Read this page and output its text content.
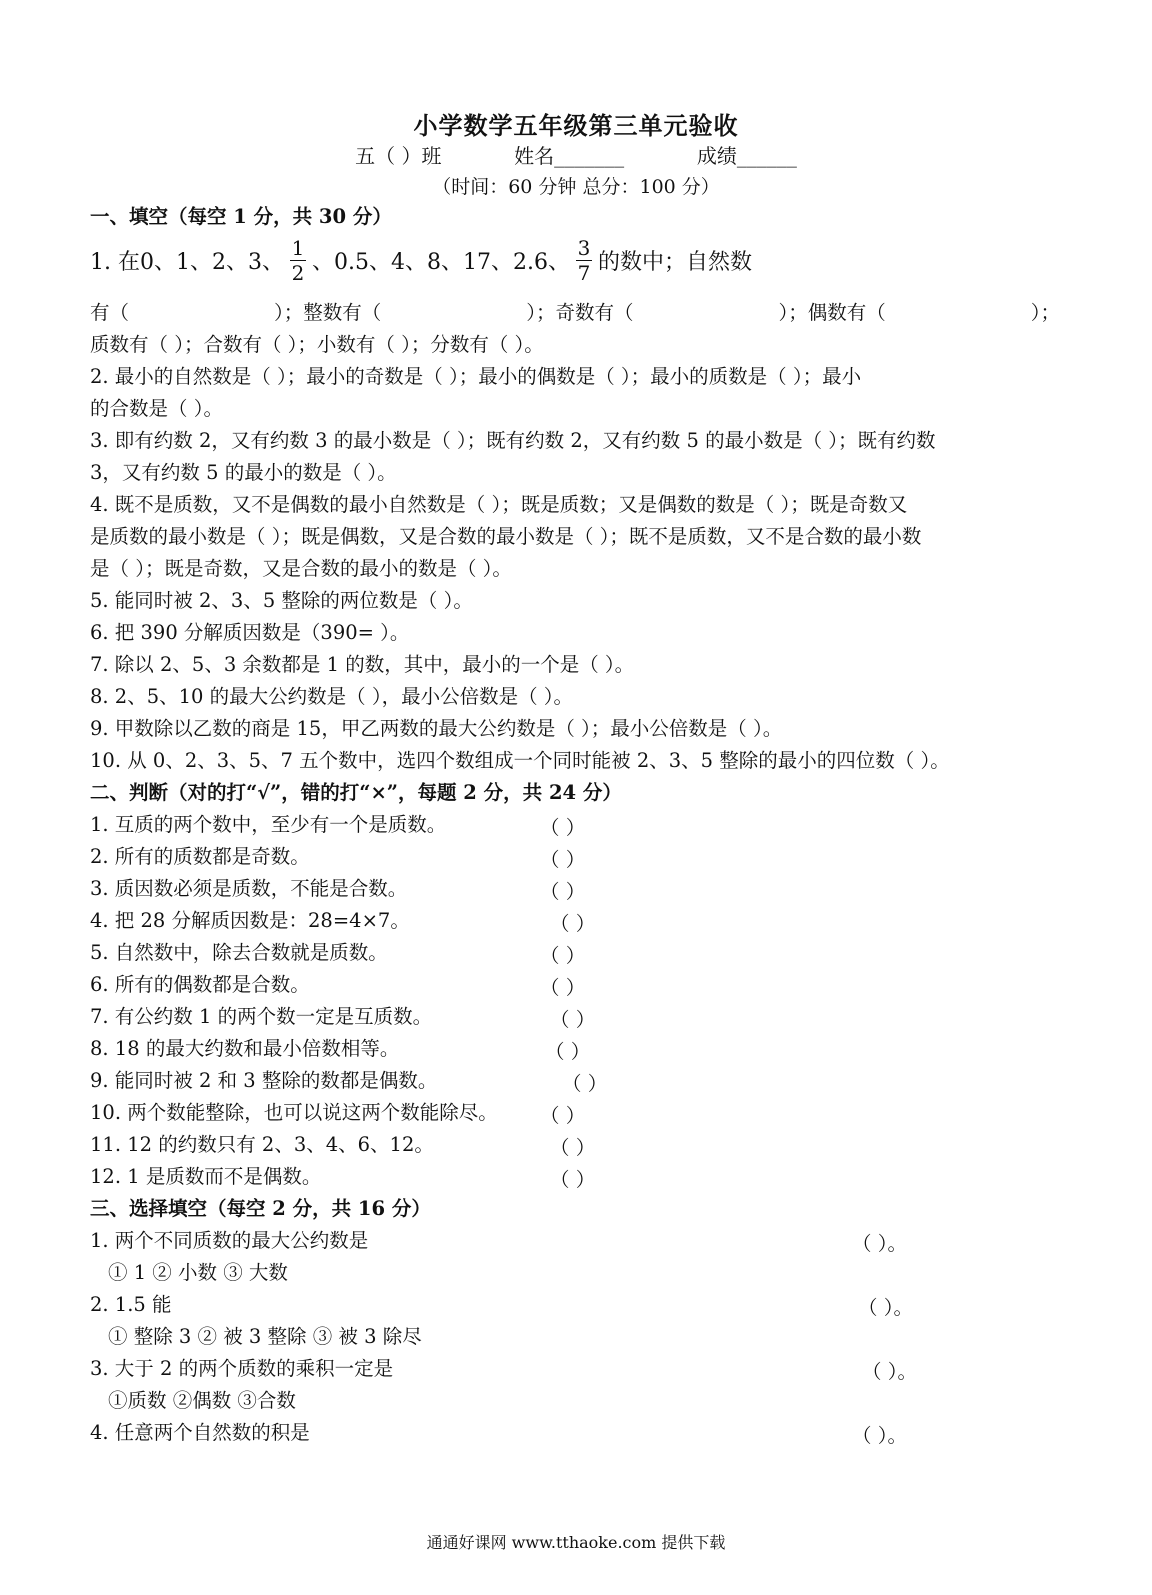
小学数学五年级第三单元验收
五（ ）班	姓名_______	成绩______
（时间：60 分钟 总分：100 分）
一、填空（每空 1 分，共 30 分）
1. 在0、1、2、3、 $\frac{1}{2}$ 、0.5、4、8、17、2.6、 $\frac{3}{7}$ 的数中；自然数
有（	）；整数有（	）；奇数有（	）；偶数有（	）；
质数有（ ）；合数有（ ）；小数有（ ）；分数有（ ）。
2. 最小的自然数是（ ）；最小的奇数是（ ）；最小的偶数是（ ）；最小的质数是（ ）；最小
的合数是（ ）。
3. 即有约数 2，又有约数 3 的最小数是（ ）；既有约数 2，又有约数 5 的最小数是（ ）；既有约数
3，又有约数 5 的最小的数是（ ）。
4. 既不是质数，又不是偶数的最小自然数是（ ）；既是质数；又是偶数的数是（ ）；既是奇数又
是质数的最小数是（ ）；既是偶数，又是合数的最小数是（ ）；既不是质数，又不是合数的最小数
是（ ）；既是奇数，又是合数的最小的数是（ ）。
5. 能同时被 2、3、5 整除的两位数是（ ）。
6. 把 390 分解质因数是（390= ）。
7. 除以 2、5、3 余数都是 1 的数，其中，最小的一个是（ ）。
8. 2、5、10 的最大公约数是（ ），最小公倍数是（ ）。
9. 甲数除以乙数的商是 15，甲乙两数的最大公约数是（ ）；最小公倍数是（ ）。
10. 从 0、2、3、5、7 五个数中，选四个数组成一个同时能被 2、3、5 整除的最小的四位数（ ）。
二、判断（对的打“√”，错的打“×”，每题 2 分，共 24 分）
1. 互质的两个数中，至少有一个是质数。	（ ）
2. 所有的质数都是奇数。	（ ）
3. 质因数必须是质数，不能是合数。	（ ）
4. 把 28 分解质因数是：28=4×7。	（ ）
5. 自然数中，除去合数就是质数。	（ ）
6. 所有的偶数都是合数。	（ ）
7. 有公约数 1 的两个数一定是互质数。	（ ）
8. 18 的最大约数和最小倍数相等。	（ ）
9. 能同时被 2 和 3 整除的数都是偶数。	（ ）
10. 两个数能整除，也可以说这两个数能除尽。 （ ）
11. 12 的约数只有 2、3、4、6、12。	（ ）
12. 1 是质数而不是偶数。	（ ）
三、选择填空（每空 2 分，共 16 分）
1. 两个不同质数的最大公约数是	（ ）。
① 1 ② 小数 ③ 大数
2. 1.5 能	（ ）。
① 整除 3 ② 被 3 整除 ③ 被 3 除尽
3. 大于 2 的两个质数的乘积一定是	（ ）。
①质数 ②偶数 ③合数
4. 任意两个自然数的积是	（ ）。
通通好课网 www.tthaoke.com 提供下载
